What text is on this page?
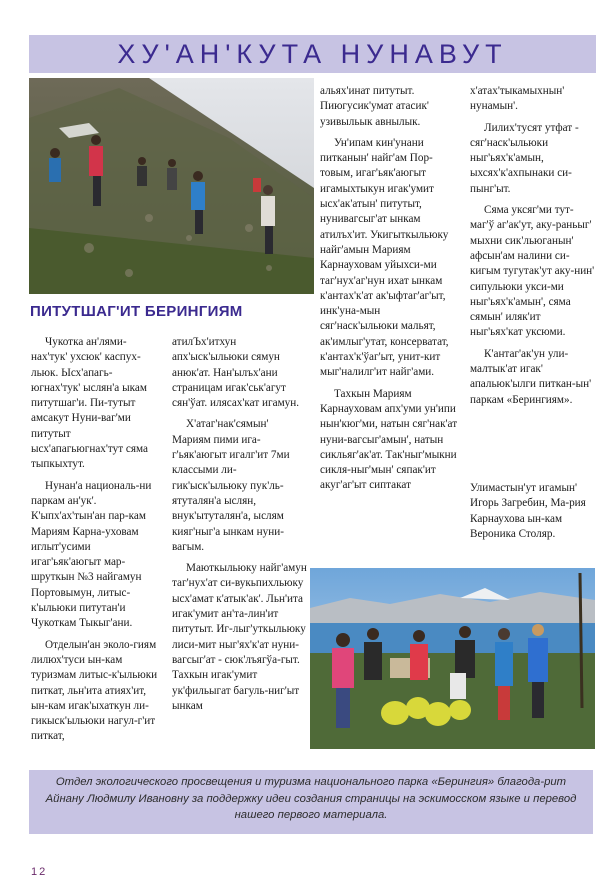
ХУ'АН'КУТА НУНАВУТ
ПИТУТШАГ'ИТ БЕРИНГИЯМ

Чукотка ан'лями-нах'тук' ухсюк' каспух-льюк. Ысх'апагь-югнах'тук' ыслян'а ыкам питутшаг'и. Пи-тутыт амсакут Нуни-ваг'ми питутыт ысх'апагьюгнах'тут сяма тыпкыхтут.

Нунан'а националь-ни паркам ан'ук'. К'ыпх'ах'тын'ан пар-кам Мариям Карна-уховам иглыт'усими игаг'ьяк'аюгыт мар-шруткын №3 найгамун Портовымун, литыс-к'ыльюки питутан'и Чукоткам Тыкыг'ани.

Отделын'ан эколо-гиям лилюх'туси ын-кам туризмам литыс-к'ыльюки питкат, льн'ита атиях'ит, ын-кам игак'ыхаткун ли-гикыск'ыльюки нагул-г'ит питкат,

атилЪх'итхун апх'ыск'ыльюки сямун анюк'ат. Нан'ылъх'ани страницам игак'ськ'агут сян'ўат. илясах'кат игамун.

Х'атаг'нак'сямын' Мариям пими ига-г'ьяк'аюгыт игалг'ит 7ми классыми ли-гик'ыск'ыльюку пук'ль-ятуталян'а ыслян, внук'ытуталян'а, ыслям кияг'ныг'а ынкам нуни-вагым.

Маюткыльюку найг'амун таг'нух'ат си-вукьпихльюку ысх'амат к'атык'ак'. Льн'ита игак'умит ан'та-лин'ит питутыт. Иг-лыг'уткыльюку лиси-мит ныг'ях'к'ат нуни-вагсыг'ат - сюк'лъягўа-гыт. Тахкын игак'умит ук'фильыгат багуль-ниг'ыт ынкам

альях'инат питутыт. Пиюгусик'умат атасик' узивыльык авнылык.

Ун'ипам кин'унани питканын' найг'ам Пор-товым, игаг'ьяк'аюгыт игамыхтыкун игак'умит ысх'ак'атын' питутыт, нунивагсыг'ат ынкам атилъх'ит. Укигыткыльюку найг'амын Мариям Карнауховам уйыхси-ми таг'нух'аг'нун ихат ынкам к'антах'к'ат ак'ыфтаг'аг'ыт, инк'уна-мын сяг'наск'ыльюки мальят, ак'имлыг'утат, консерватат, к'антах'к'ўаг'ыт, унит-кит мыг'налилг'ит найг'ами.

Тахкын Мариям Карнауховам апх'уми ун'ипи нын'кюг'ми, натын сяг'нак'ат нуни-вагсыг'амын', натын сикльяг'ак'ат. Так'ныг'мыкни сикля-ныг'мын' сяпак'ит акуг'аг'ыт сиптакат

х'атах'тыкамыхнын' нунамын'.

Лилих'тусят утфат - сяг'наск'ыльюки ныг'ьях'к'амын, ыхсях'к'ахпынаки си-пынг'ыт.

Сяма уксяг'ми тут-маг'ў аг'ак'ут, аку-раньыг' мыхни сик'льюганын' афсын'ам налини си-кигым тугутак'ут аку-нин' сипульюки укси-ми ныг'ьях'к'амын', сяма сямын' иляк'ит ныг'ьях'кат уксюми.

К'антаг'ак'ун ули-малтык'ат игак' апальюк'ылги питкан-ын' паркам «Берингиям».

Улимастын'ут игамын' Игорь Загребин, Ма-рия Карнаухова ын-кам Вероника Столяр.
Отдел экологического просвещения и туризма национального парка «Берингия» благода-рит Айнану Людмилу Ивановну за поддержку идеи создания страницы на эскимосском языке и перевод нашего первого материала.
12
